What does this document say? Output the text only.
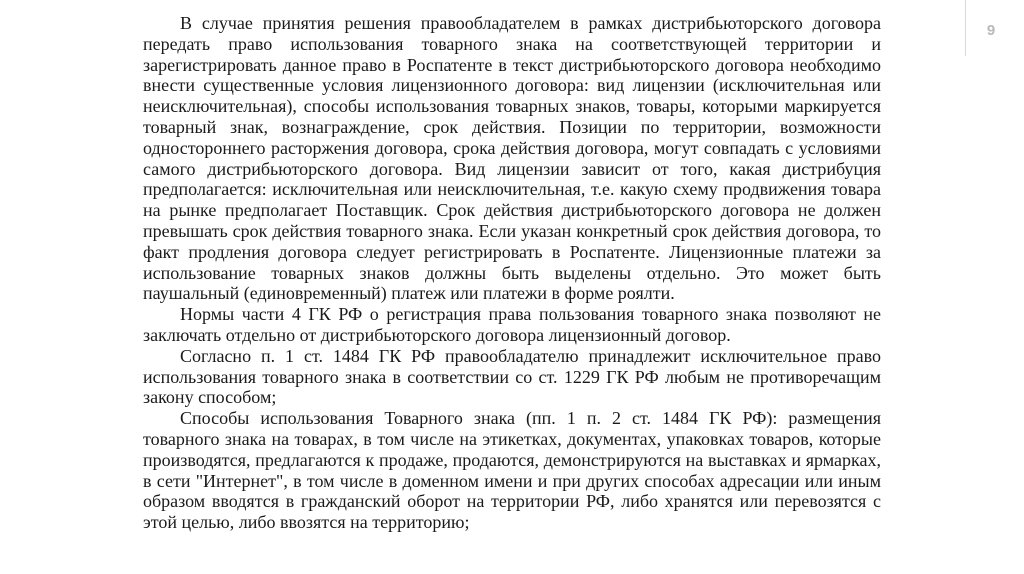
9

В случае принятия решения правообладателем в рамках дистрибьюторского договора передать право использования товарного знака на соответствующей территории и зарегистрировать данное право в Роспатенте в текст дистрибьюторского договора необходимо внести существенные условия лицензионного договора: вид лицензии (исключительная или неисключительная), способы использования товарных знаков, товары, которыми маркируется товарный знак, вознаграждение, срок действия. Позиции по территории, возможности одностороннего расторжения договора, срока действия договора, могут совпадать с условиями самого дистрибьюторского договора. Вид лицензии зависит от того, какая дистрибуция предполагается: исключительная или неисключительная, т.е. какую схему продвижения товара на рынке предполагает Поставщик. Срок действия дистрибьюторского договора не должен превышать срок действия товарного знака. Если указан конкретный срок действия договора, то факт продления договора следует регистрировать в Роспатенте. Лицензионные платежи за использование товарных знаков должны быть выделены отдельно. Это может быть паушальный (единовременный) платеж или платежи в форме роялти.

Нормы части 4 ГК РФ о регистрация права пользования товарного знака позволяют не заключать отдельно от дистрибьюторского договора лицензионный договор.

Согласно п. 1 ст. 1484 ГК РФ правообладателю принадлежит исключительное право использования товарного знака в соответствии со ст. 1229 ГК РФ любым не противоречащим закону способом;

Способы использования Товарного знака (пп. 1 п. 2 ст. 1484 ГК РФ): размещения товарного знака на товарах, в том числе на этикетках, документах, упаковках товаров, которые производятся, предлагаются к продаже, продаются, демонстрируются на выставках и ярмарках, в сети "Интернет", в том числе в доменном имени и при других способах адресации или иным образом вводятся в гражданский оборот на территории РФ, либо хранятся или перевозятся с этой целью, либо ввозятся на территорию;
